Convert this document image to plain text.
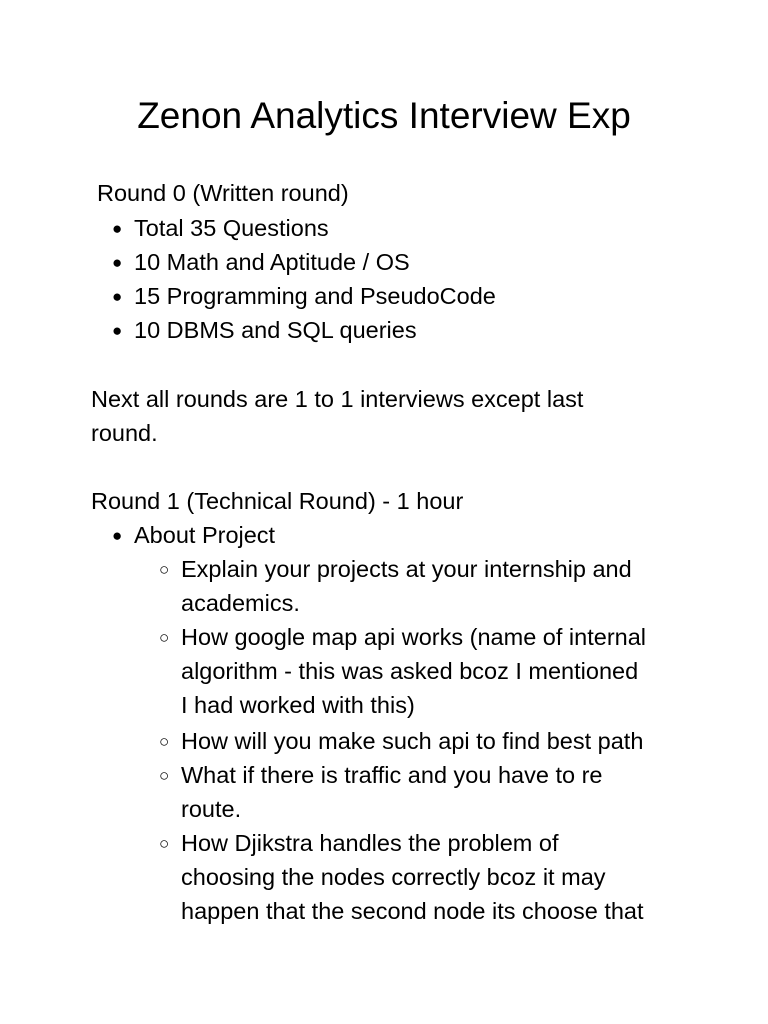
Zenon Analytics Interview Exp
Round 0 (Written round)
● Total 35 Questions
● 10 Math and Aptitude / OS
● 15 Programming and PseudoCode
● 10 DBMS and SQL queries
Next all rounds are 1 to 1 interviews except last
round.
Round 1 (Technical Round) - 1 hour
● About Project
○ Explain your projects at your internship and
academics.
○ How google map api works (name of internal
algorithm - this was asked bcoz I mentioned
I had worked with this)
○ How will you make such api to find best path
○ What if there is traffic and you have to re
route.
○ How Djikstra handles the problem of
choosing the nodes correctly bcoz it may
happen that the second node its choose that
